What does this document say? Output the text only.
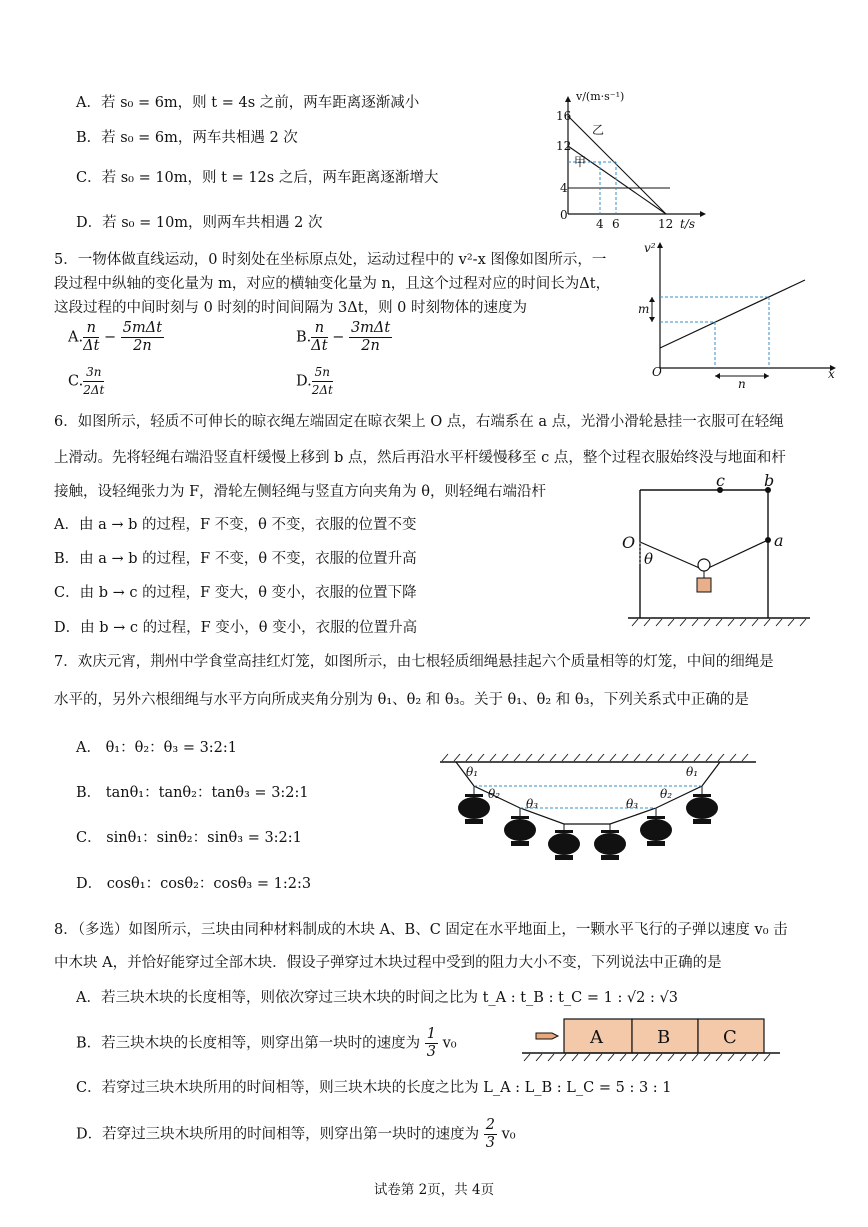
A．若 s₀ = 6m，则 t = 4s 之前，两车距离逐渐减小
B．若 s₀ = 6m，两车共相遇 2 次
C．若 s₀ = 10m，则 t = 12s 之后，两车距离逐渐增大
D．若 s₀ = 10m，则两车共相遇 2 次
v/(m·s⁻¹)
16
12
4
0
4 6	12 t/s
乙
甲
5．一物体做直线运动，0 时刻处在坐标原点处，运动过程中的 v²-x 图像如图所示，一
段过程中纵轴的变化量为 m，对应的横轴变化量为 n，且这个过程对应的时间长为Δt，
这段过程的中间时刻与 0 时刻的时间间隔为 3Δt，则 0 时刻物体的速度为
A. $\frac{n}{\Delta t} - \frac{\text{5mΔt}}{2n}$	B. $\frac{n}{\Delta t} - \frac{\text{3mΔt}}{2n}$
C. $\frac{3n}{2\Delta t}$	D. $\frac{5n}{2\Delta t}$
v²
m
O	x
n
6．如图所示，轻质不可伸长的晾衣绳左端固定在晾衣架上 O 点，右端系在 a 点，光滑小滑轮悬挂一衣服可在轻绳
上滑动。先将轻绳右端沿竖直杆缓慢上移到 b 点，然后再沿水平杆缓慢移至 c 点，整个过程衣服始终没与地面和杆
接触，设轻绳张力为 F，滑轮左侧轻绳与竖直方向夹角为 θ，则轻绳右端沿杆
A．由 a → b 的过程，F 不变，θ 不变，衣服的位置不变
B．由 a → b 的过程，F 不变，θ 不变，衣服的位置升高
C．由 b → c 的过程，F 变大，θ 变小，衣服的位置下降
D．由 b → c 的过程，F 变小，θ 变小，衣服的位置升高
O
θ
c b
a
7．欢庆元宵，荆州中学食堂高挂红灯笼，如图所示，由七根轻质细绳悬挂起六个质量相等的灯笼，中间的细绳是
水平的，另外六根细绳与水平方向所成夹角分别为 θ₁、θ₂ 和 θ₃。关于 θ₁、θ₂ 和 θ₃，下列关系式中正确的是
A． θ₁：θ₂：θ₃ = 3:2:1
B． tanθ₁：tanθ₂：tanθ₃ = 3:2:1
C． sinθ₁：sinθ₂：sinθ₃ = 3:2:1
D． cosθ₁：cosθ₂：cosθ₃ = 1:2:3
θ₁	θ₁
θ₂	θ₂
θ₃	θ₃
8．（多选）如图所示，三块由同种材料制成的木块 A、B、C 固定在水平地面上，一颗水平飞行的子弹以速度 v₀ 击
中木块 A，并恰好能穿过全部木块．假设子弹穿过木块过程中受到的阻力大小不变，下列说法中正确的是
A．若三块木块的长度相等，则依次穿过三块木块的时间之比为 t_A : t_B : t_C = 1 : √2 : √3
B．若三块木块的长度相等，则穿出第一块时的速度为 $\frac{1}{3} v_0$
C．若穿过三块木块所用的时间相等，则三块木块的长度之比为 L_A : L_B : L_C = 5 : 3 : 1
D．若穿过三块木块所用的时间相等，则穿出第一块时的速度为 $\frac{2}{3} v_0$
A	B	C
试卷第 2页，共 4页
